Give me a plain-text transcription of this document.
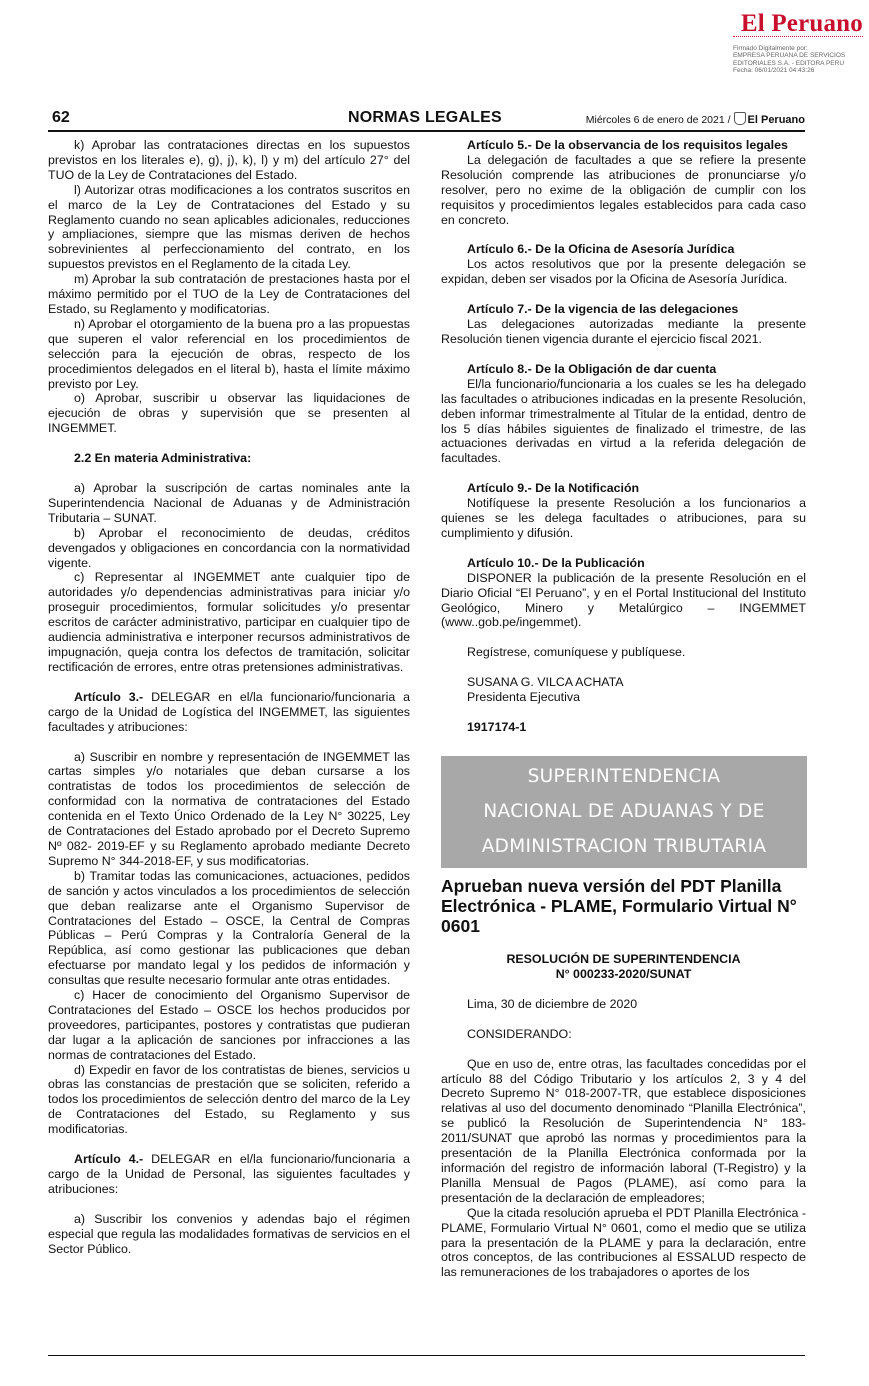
El Peruano
Firmado Digitalmente por:
EMPRESA PERUANA DE SERVICIOS
EDITORIALES S.A. - EDITORA PERU
Fecha: 06/01/2021 04:43:26
62	NORMAS LEGALES	Miércoles 6 de enero de 2021 / El Peruano

k) Aprobar las contrataciones directas en los supuestos previstos en los literales e), g), j), k), l) y m) del artículo 27° del TUO de la Ley de Contrataciones del Estado.

l) Autorizar otras modificaciones a los contratos suscritos en el marco de la Ley de Contrataciones del Estado y su Reglamento cuando no sean aplicables adicionales, reducciones y ampliaciones, siempre que las mismas deriven de hechos sobrevinientes al perfeccionamiento del contrato, en los supuestos previstos en el Reglamento de la citada Ley.

m) Aprobar la sub contratación de prestaciones hasta por el máximo permitido por el TUO de la Ley de Contrataciones del Estado, su Reglamento y modificatorias.

n) Aprobar el otorgamiento de la buena pro a las propuestas que superen el valor referencial en los procedimientos de selección para la ejecución de obras, respecto de los procedimientos delegados en el literal b), hasta el límite máximo previsto por Ley.

o) Aprobar, suscribir u observar las liquidaciones de ejecución de obras y supervisión que se presenten al INGEMMET.

2.2 En materia Administrativa:

a) Aprobar la suscripción de cartas nominales ante la Superintendencia Nacional de Aduanas y de Administración Tributaria – SUNAT.

b) Aprobar el reconocimiento de deudas, créditos devengados y obligaciones en concordancia con la normatividad vigente.

c) Representar al INGEMMET ante cualquier tipo de autoridades y/o dependencias administrativas para iniciar y/o proseguir procedimientos, formular solicitudes y/o presentar escritos de carácter administrativo, participar en cualquier tipo de audiencia administrativa e interponer recursos administrativos de impugnación, queja contra los defectos de tramitación, solicitar rectificación de errores, entre otras pretensiones administrativas.

Artículo 3.- DELEGAR en el/la funcionario/funcionaria a cargo de la Unidad de Logística del INGEMMET, las siguientes facultades y atribuciones:

a) Suscribir en nombre y representación de INGEMMET las cartas simples y/o notariales que deban cursarse a los contratistas de todos los procedimientos de selección de conformidad con la normativa de contrataciones del Estado contenida en el Texto Único Ordenado de la Ley N° 30225, Ley de Contrataciones del Estado aprobado por el Decreto Supremo Nº 082- 2019-EF y su Reglamento aprobado mediante Decreto Supremo N° 344-2018-EF, y sus modificatorias.

b) Tramitar todas las comunicaciones, actuaciones, pedidos de sanción y actos vinculados a los procedimientos de selección que deban realizarse ante el Organismo Supervisor de Contrataciones del Estado – OSCE, la Central de Compras Públicas – Perú Compras y la Contraloría General de la República, así como gestionar las publicaciones que deban efectuarse por mandato legal y los pedidos de información y consultas que resulte necesario formular ante otras entidades.

c) Hacer de conocimiento del Organismo Supervisor de Contrataciones del Estado – OSCE los hechos producidos por proveedores, participantes, postores y contratistas que pudieran dar lugar a la aplicación de sanciones por infracciones a las normas de contrataciones del Estado.

d) Expedir en favor de los contratistas de bienes, servicios u obras las constancias de prestación que se soliciten, referido a todos los procedimientos de selección dentro del marco de la Ley de Contrataciones del Estado, su Reglamento y sus modificatorias.

Artículo 4.- DELEGAR en el/la funcionario/funcionaria a cargo de la Unidad de Personal, las siguientes facultades y atribuciones:

a) Suscribir los convenios y adendas bajo el régimen especial que regula las modalidades formativas de servicios en el Sector Público.

Artículo 5.- De la observancia de los requisitos legales

La delegación de facultades a que se refiere la presente Resolución comprende las atribuciones de pronunciarse y/o resolver, pero no exime de la obligación de cumplir con los requisitos y procedimientos legales establecidos para cada caso en concreto.

Artículo 6.- De la Oficina de Asesoría Jurídica

Los actos resolutivos que por la presente delegación se expidan, deben ser visados por la Oficina de Asesoría Jurídica.

Artículo 7.- De la vigencia de las delegaciones

Las delegaciones autorizadas mediante la presente Resolución tienen vigencia durante el ejercicio fiscal 2021.

Artículo 8.- De la Obligación de dar cuenta

El/la funcionario/funcionaria a los cuales se les ha delegado las facultades o atribuciones indicadas en la presente Resolución, deben informar trimestralmente al Titular de la entidad, dentro de los 5 días hábiles siguientes de finalizado el trimestre, de las actuaciones derivadas en virtud a la referida delegación de facultades.

Artículo 9.- De la Notificación

Notifíquese la presente Resolución a los funcionarios a quienes se les delega facultades o atribuciones, para su cumplimiento y difusión.

Artículo 10.- De la Publicación

DISPONER la publicación de la presente Resolución en el Diario Oficial “El Peruano”, y en el Portal Institucional del Instituto Geológico, Minero y Metalúrgico – INGEMMET (www..gob.pe/ingemmet).

Regístrese, comuníquese y publíquese.

SUSANA G. VILCA ACHATA

Presidenta Ejecutiva

1917174-1

SUPERINTENDENCIA
NACIONAL DE ADUANAS Y DE
ADMINISTRACION TRIBUTARIA
Aprueban nueva versión del PDT Planilla Electrónica - PLAME, Formulario Virtual N° 0601

RESOLUCIÓN DE SUPERINTENDENCIA

N° 000233-2020/SUNAT

Lima, 30 de diciembre de 2020

CONSIDERANDO:

Que en uso de, entre otras, las facultades concedidas por el artículo 88 del Código Tributario y los artículos 2, 3 y 4 del Decreto Supremo N° 018-2007-TR, que establece disposiciones relativas al uso del documento denominado “Planilla Electrónica”, se publicó la Resolución de Superintendencia N° 183-2011/SUNAT que aprobó las normas y procedimientos para la presentación de la Planilla Electrónica conformada por la información del registro de información laboral (T-Registro) y la Planilla Mensual de Pagos (PLAME), así como para la presentación de la declaración de empleadores;

Que la citada resolución aprueba el PDT Planilla Electrónica - PLAME, Formulario Virtual N° 0601, como el medio que se utiliza para la presentación de la PLAME y para la declaración, entre otros conceptos, de las contribuciones al ESSALUD respecto de las remuneraciones de los trabajadores o aportes de los
